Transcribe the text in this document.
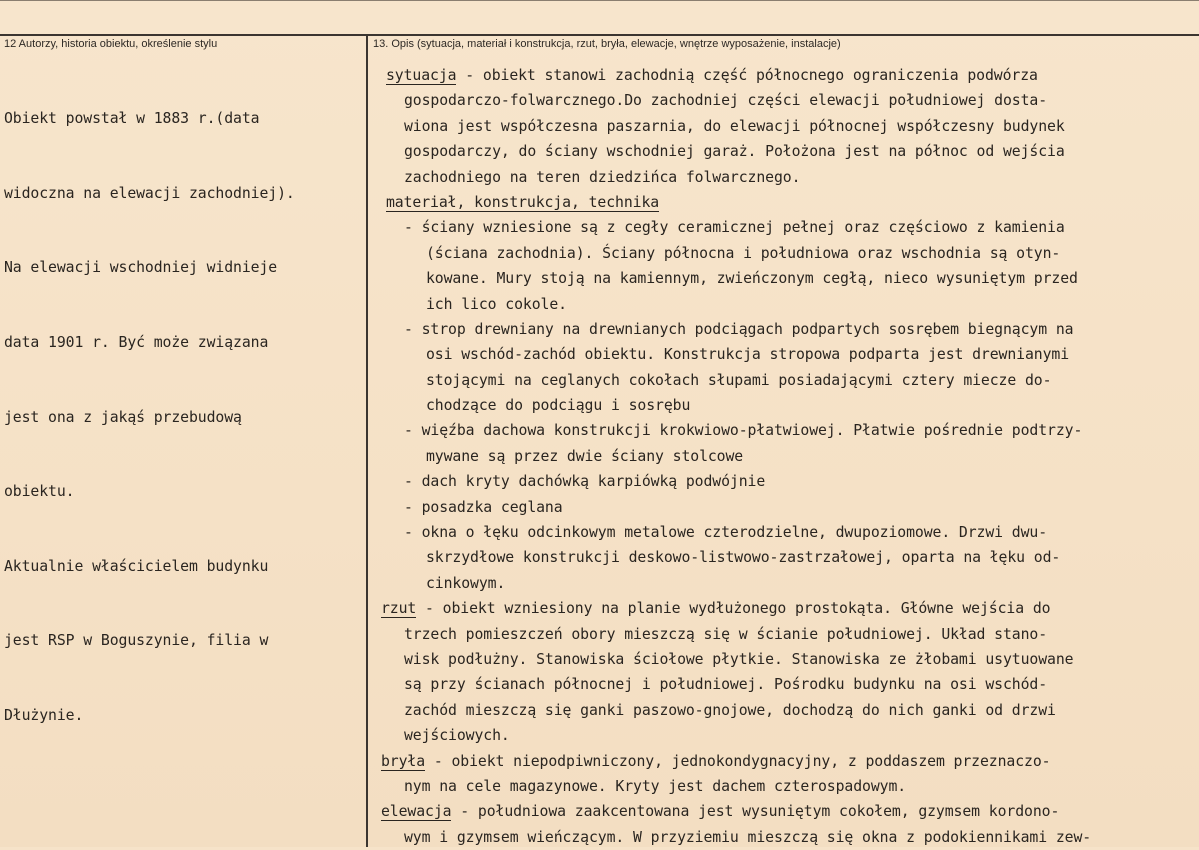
12 Autorzy, historia obiektu, określenie stylu	13. Opis (sytuacja, materiał i konstrukcja, rzut, bryła, elewacje, wnętrze wyposażenie, instalacje)

Obiekt powstał w 1883 r.(data

widoczna na elewacji zachodniej).

Na elewacji wschodniej widnieje

data 1901 r. Być może związana

jest ona z jakąś przebudową

obiektu.

Aktualnie właścicielem budynku

jest RSP w Boguszynie, filia w

Dłużynie.

sytuacja - obiekt stanowi zachodnią część północnego ograniczenia podwórza
gospodarczo-folwarcznego.Do zachodniej części elewacji południowej dosta-
wiona jest współczesna paszarnia, do elewacji północnej współczesny budynek
gospodarczy, do ściany wschodniej garaż. Położona jest na północ od wejścia
zachodniego na teren dziedzińca folwarcznego.
materiał, konstrukcja, technika
- ściany wzniesione są z cegły ceramicznej pełnej oraz częściowo z kamienia
(ściana zachodnia). Ściany północna i południowa oraz wschodnia są otyn-
kowane. Mury stoją na kamiennym, zwieńczonym cegłą, nieco wysuniętym przed
ich lico cokole.
- strop drewniany na drewnianych podciągach podpartych sosrębem biegnącym na
osi wschód-zachód obiektu. Konstrukcja stropowa podparta jest drewnianymi
stojącymi na ceglanych cokołach słupami posiadającymi cztery miecze do-
chodzące do podciągu i sosrębu
- więźba dachowa konstrukcji krokwiowo-płatwiowej. Płatwie pośrednie podtrzy-
mywane są przez dwie ściany stolcowe
- dach kryty dachówką karpiówką podwójnie
- posadzka ceglana
- okna o łęku odcinkowym metalowe czterodzielne, dwupoziomowe. Drzwi dwu-
skrzydłowe konstrukcji deskowo-listwowo-zastrzałowej, oparta na łęku od-
cinkowym.
rzut - obiekt wzniesiony na planie wydłużonego prostokąta. Główne wejścia do
trzech pomieszczeń obory mieszczą się w ścianie południowej. Układ stano-
wisk podłużny. Stanowiska ściołowe płytkie. Stanowiska ze żłobami usytuowane
są przy ścianach północnej i południowej. Pośrodku budynku na osi wschód-
zachód mieszczą się ganki paszowo-gnojowe, dochodzą do nich ganki od drzwi
wejściowych.
bryła - obiekt niepodpiwniczony, jednokondygnacyjny, z poddaszem przeznaczo-
nym na cele magazynowe. Kryty jest dachem czterospadowym.
elewacja - południowa zaakcentowana jest wysuniętym cokołem, gzymsem kordono-
wym i gzymsem wieńczącym. W przyziemiu mieszczą się okna z podokiennikami zew-
